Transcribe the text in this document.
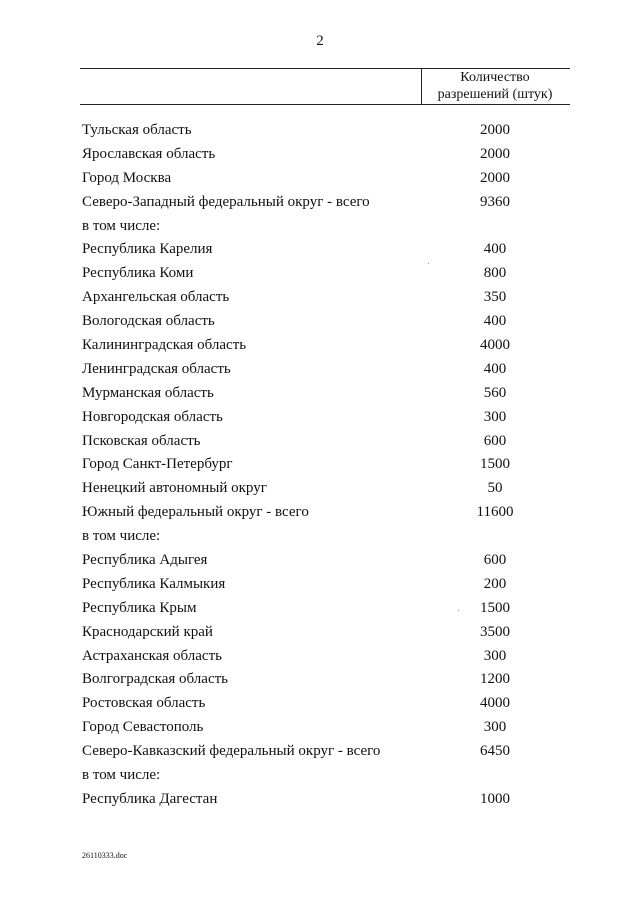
2
Количество
разрешений (штук)
Тульская область	2000
Ярославская область	2000
Город Москва	2000
Северо-Западный федеральный округ - всего	9360
в том числе:
Республика Карелия	400
Республика Коми	800
Архангельская область	350
Вологодская область	400
Калининградская область	4000
Ленинградская область	400
Мурманская область	560
Новгородская область	300
Псковская область	600
Город Санкт-Петербург	1500
Ненецкий автономный округ	50
Южный федеральный округ - всего	11600
в том числе:
Республика Адыгея	600
Республика Калмыкия	200
Республика Крым	1500
Краснодарский край	3500
Астраханская область	300
Волгоградская область	1200
Ростовская область	4000
Город Севастополь	300
Северо-Кавказский федеральный округ - всего	6450
в том числе:
Республика Дагестан	1000
26110333.doc
